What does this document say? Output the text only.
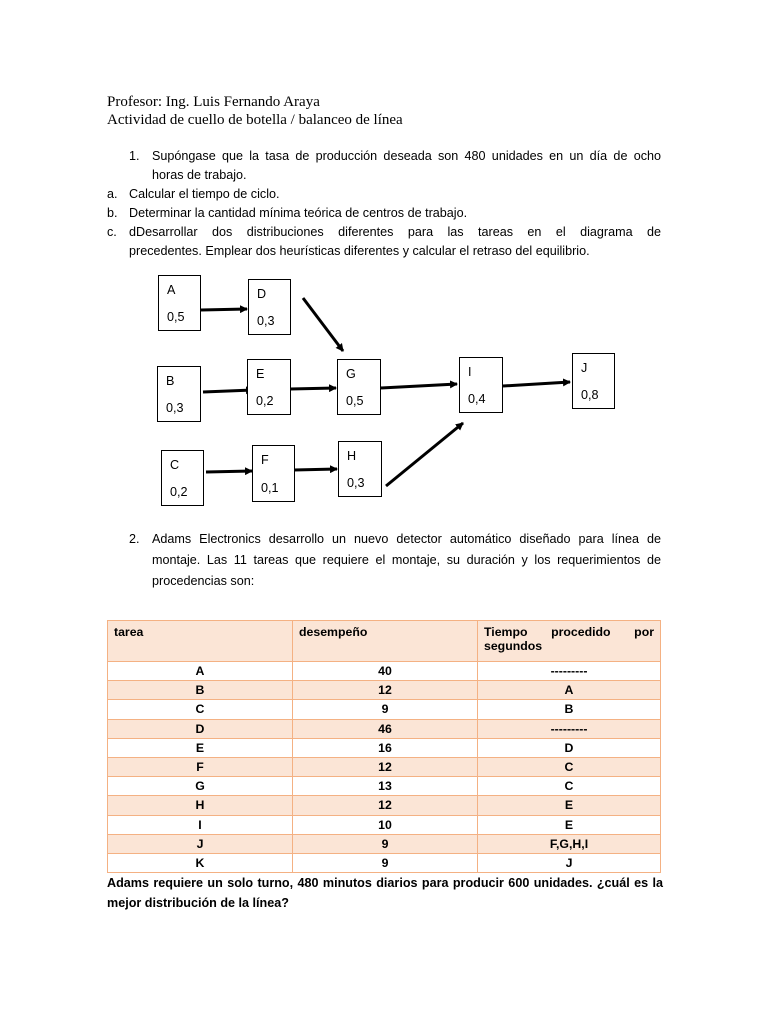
Profesor: Ing. Luis Fernando Araya
Actividad de cuello de botella / balanceo de línea
1. Supóngase que la tasa de producción deseada son 480 unidades en un día de ocho
horas de trabajo.
a. Calcular el tiempo de ciclo.
b. Determinar la cantidad mínima teórica de centros de trabajo.
c. dDesarrollar dos distribuciones diferentes para las tareas en el diagrama de
precedentes. Emplear dos heurísticas diferentes y calcular el retraso del equilibrio.
A
0,5
D
0,3
B
0,3
E
0,2
G
0,5
I
0,4
J
0,8
C
0,2
F
0,1
H
0,3
2. Adams Electronics desarrollo un nuevo detector automático diseñado para línea de
montaje. Las 11 tareas que requiere el montaje, su duración y los requerimientos de
procedencias son:
tarea	desempeño	Tiempo procedido por
segundos
A	40	---------
B	12	A
C	9	B
D	46	---------
E	16	D
F	12	C
G	13	C
H	12	E
I	10	E
J	9	F,G,H,I
K	9	J
Adams requiere un solo turno, 480 minutos diarios para producir 600 unidades. ¿cuál es la
mejor distribución de la línea?
